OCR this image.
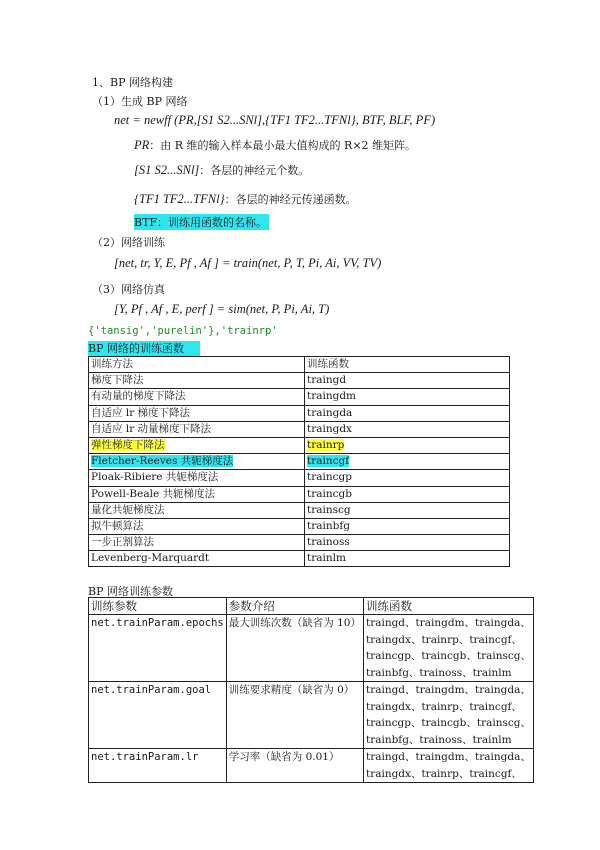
1、BP 网络构建
（1）生成 BP 网络
net = newff (PR,[S1 S2...SNl],{TF1 TF2...TFNl}, BTF, BLF, PF)
PR：由 R 维的输入样本最小最大值构成的 R×2 维矩阵。
[S1 S2...SNl]：各层的神经元个数。
{TF1 TF2...TFNl}：各层的神经元传递函数。
BTF：训练用函数的名称。
（2）网络训练
[net, tr, Y, E, Pf , Af ] = train(net, P, T, Pi, Ai, VV, TV)
（3）网络仿真
[Y, Pf , Af , E, perf ] = sim(net, P, Pi, Ai, T)
{'tansig','purelin'},'trainrp'
BP 网络的训练函数
训练方法	训练函数
梯度下降法	traingd
有动量的梯度下降法	traingdm
自适应 lr 梯度下降法	traingda
自适应 lr 动量梯度下降法	traingdx
弹性梯度下降法	trainrp
Fletcher-Reeves 共轭梯度法	traincgf
Ploak-Ribiere 共轭梯度法	traincgp
Powell-Beale 共轭梯度法	traincgb
量化共轭梯度法	trainscg
拟牛顿算法	trainbfg
一步正割算法	trainoss
Levenberg-Marquardt	trainlm
BP 网络训练参数
训练参数	参数介绍	训练函数
net.trainParam.epochs	最大训练次数（缺省为 10）	traingd、traingdm、traingda、
traingdx、trainrp、traincgf、
traincgp、traincgb、trainscg、
trainbfg、trainoss、trainlm

net.trainParam.goal	训练要求精度（缺省为 0）	traingd、traingdm、traingda、
traingdx、trainrp、traincgf、
traincgp、traincgb、trainscg、
trainbfg、trainoss、trainlm

net.trainParam.lr	学习率（缺省为 0.01）	traingd、traingdm、traingda、
traingdx、trainrp、traincgf、
